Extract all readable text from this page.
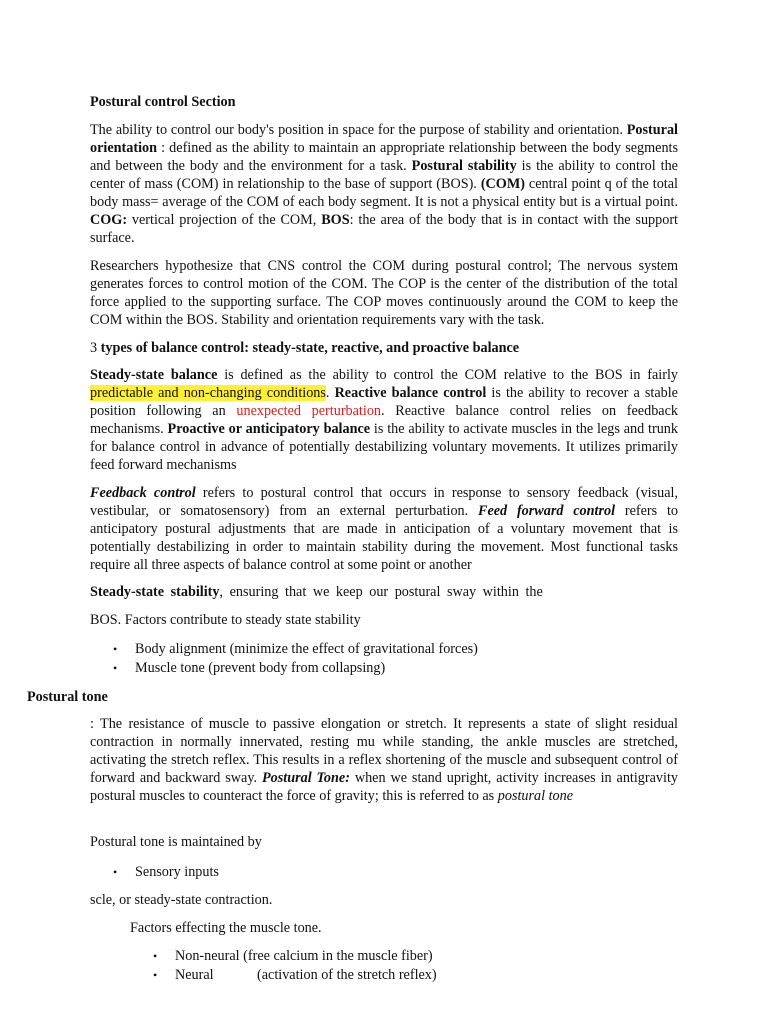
Postural control Section

The ability to control our body's position in space for the purpose of stability and orientation. Postural orientation : defined as the ability to maintain an appropriate relationship between the body segments and between the body and the environment for a task. Postural stability is the ability to control the center of mass (COM) in relationship to the base of support (BOS). (COM) central point q of the total body mass= average of the COM of each body segment. It is not a physical entity but is a virtual point. COG: vertical projection of the COM, BOS: the area of the body that is in contact with the support surface.

Researchers hypothesize that CNS control the COM during postural control; The nervous system generates forces to control motion of the COM. The COP is the center of the distribution of the total force applied to the supporting surface. The COP moves continuously around the COM to keep the COM within the BOS. Stability and orientation requirements vary with the task.

3 types of balance control: steady-state, reactive, and proactive balance

Steady-state balance is defined as the ability to control the COM relative to the BOS in fairly predictable and non-changing conditions. Reactive balance control is the ability to recover a stable position following an unexpected perturbation. Reactive balance control relies on feedback mechanisms. Proactive or anticipatory balance is the ability to activate muscles in the legs and trunk for balance control in advance of potentially destabilizing voluntary movements. It utilizes primarily feed forward mechanisms

Feedback control refers to postural control that occurs in response to sensory feedback (visual, vestibular, or somatosensory) from an external perturbation. Feed forward control refers to anticipatory postural adjustments that are made in anticipation of a voluntary movement that is potentially destabilizing in order to maintain stability during the movement. Most functional tasks require all three aspects of balance control at some point or another

Steady-state stability, ensuring that we keep our postural sway within the

BOS. Factors contribute to steady state stability

• Body alignment (minimize the effect of gravitational forces)
• Muscle tone (prevent body from collapsing)

Postural tone

: The resistance of muscle to passive elongation or stretch. It represents a state of slight residual contraction in normally innervated, resting mu while standing, the ankle muscles are stretched, activating the stretch reflex. This results in a reflex shortening of the muscle and subsequent control of forward and backward sway. Postural Tone: when we stand upright, activity increases in antigravity postural muscles to counteract the force of gravity; this is referred to as postural tone

Postural tone is maintained by

• Sensory inputs

scle, or steady-state contraction.

Factors effecting the muscle tone.

• Non-neural (free calcium in the muscle fiber)
• Neural	(activation of the stretch reflex)
